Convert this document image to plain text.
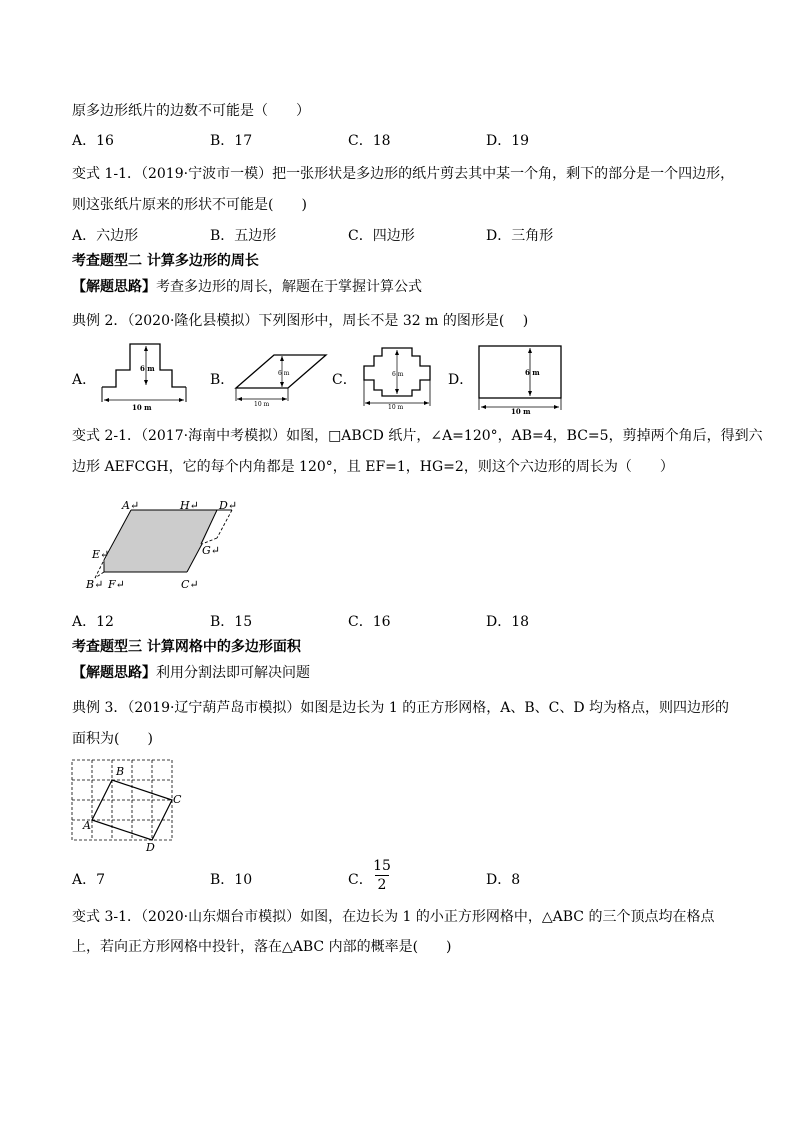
原多边形纸片的边数不可能是（　　）
A．16	B．17	C．18	D．19
变式 1-1．（2019·宁波市一模）把一张形状是多边形的纸片剪去其中某一个角，剩下的部分是一个四边形，
则这张纸片原来的形状不可能是(　　)
A．六边形	B．五边形	C．四边形	D．三角形
考查题型二 计算多边形的周长
【解题思路】考查多边形的周长，解题在于掌握计算公式
典例 2．（2020·隆化县模拟）下列图形中，周长不是 32 m 的图形是(　 )
A．	B．	C．	D．
6 m
10 m
6 m
10 m
6 m
10 m
6 m
10 m
变式 2-1．（2017·海南中考模拟）如图，□ABCD 纸片，∠A=120°，AB=4，BC=5，剪掉两个角后，得到六
边形 AEFCGH，它的每个内角都是 120°，且 EF=1，HG=2，则这个六边形的周长为（　　）
A↵	H↵ D↵
E↵	G↵
B↵ F↵	C↵
A．12	B．15	C．16	D．18
考查题型三 计算网格中的多边形面积
【解题思路】利用分割法即可解决问题
典例 3．（2019·辽宁葫芦岛市模拟）如图是边长为 1 的正方形网格，A、B、C、D 均为格点，则四边形的
面积为(　　)
B
C
A
D
A．7	B．10	C．
15
2	D．8
变式 3-1．（2020·山东烟台市模拟）如图，在边长为 1 的小正方形网格中，△ABC 的三个顶点均在格点
上，若向正方形网格中投针，落在△ABC 内部的概率是(　　)
